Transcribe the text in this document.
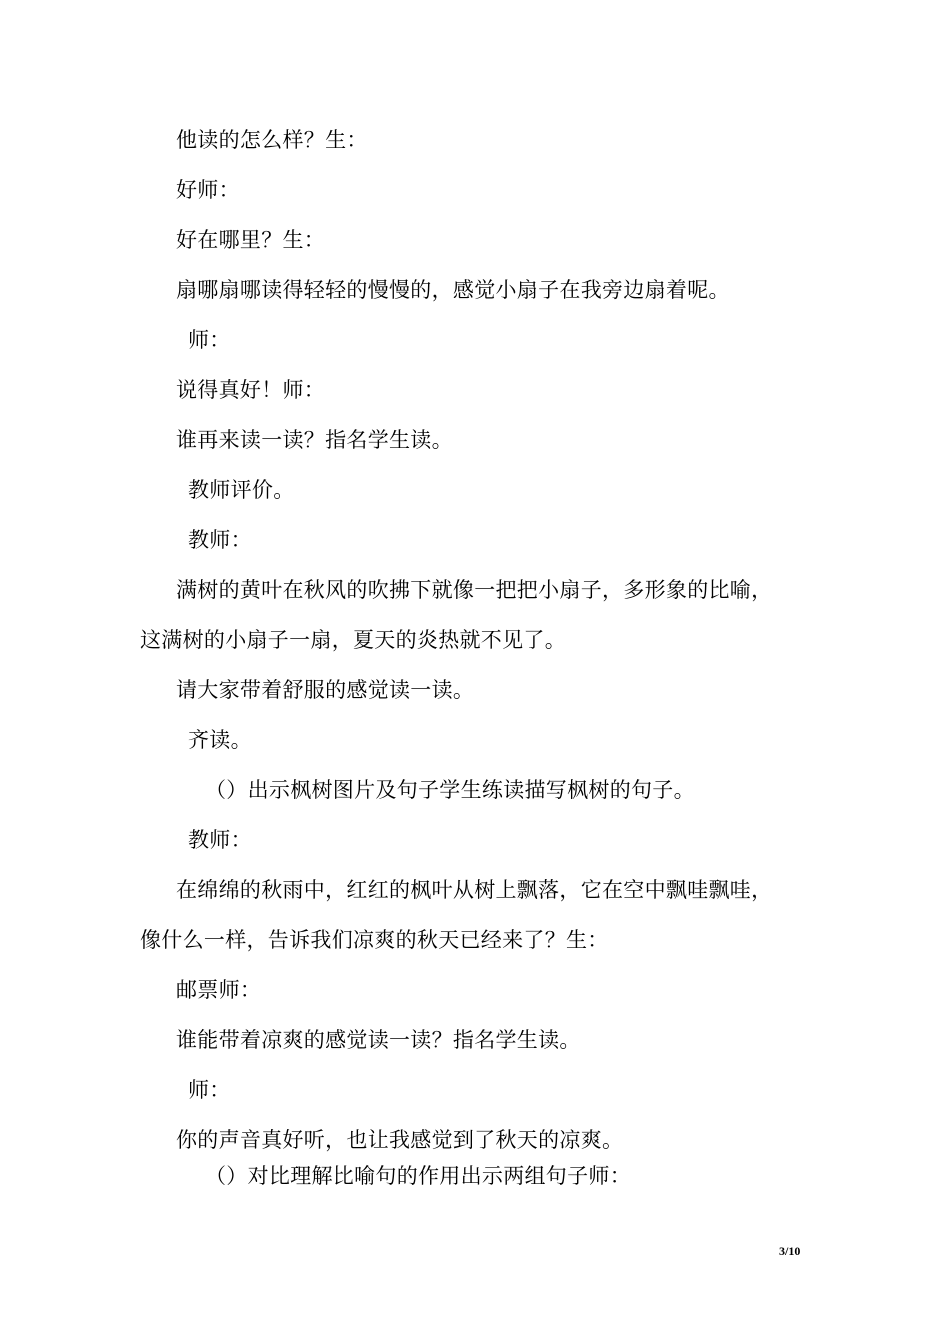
他读的怎么样？生：
好师：
好在哪里？生：
扇哪扇哪读得轻轻的慢慢的，感觉小扇子在我旁边扇着呢。
师：
说得真好！师：
谁再来读一读？指名学生读。
教师评价。
教师：
满树的黄叶在秋风的吹拂下就像一把把小扇子，多形象的比喻，
这满树的小扇子一扇，夏天的炎热就不见了。
请大家带着舒服的感觉读一读。
齐读。
（）出示枫树图片及句子学生练读描写枫树的句子。
教师：
在绵绵的秋雨中，红红的枫叶从树上飘落，它在空中飘哇飘哇，
像什么一样，告诉我们凉爽的秋天已经来了？生：
邮票师：
谁能带着凉爽的感觉读一读？指名学生读。
师：
你的声音真好听，也让我感觉到了秋天的凉爽。
（）对比理解比喻句的作用出示两组句子师：
3/10
